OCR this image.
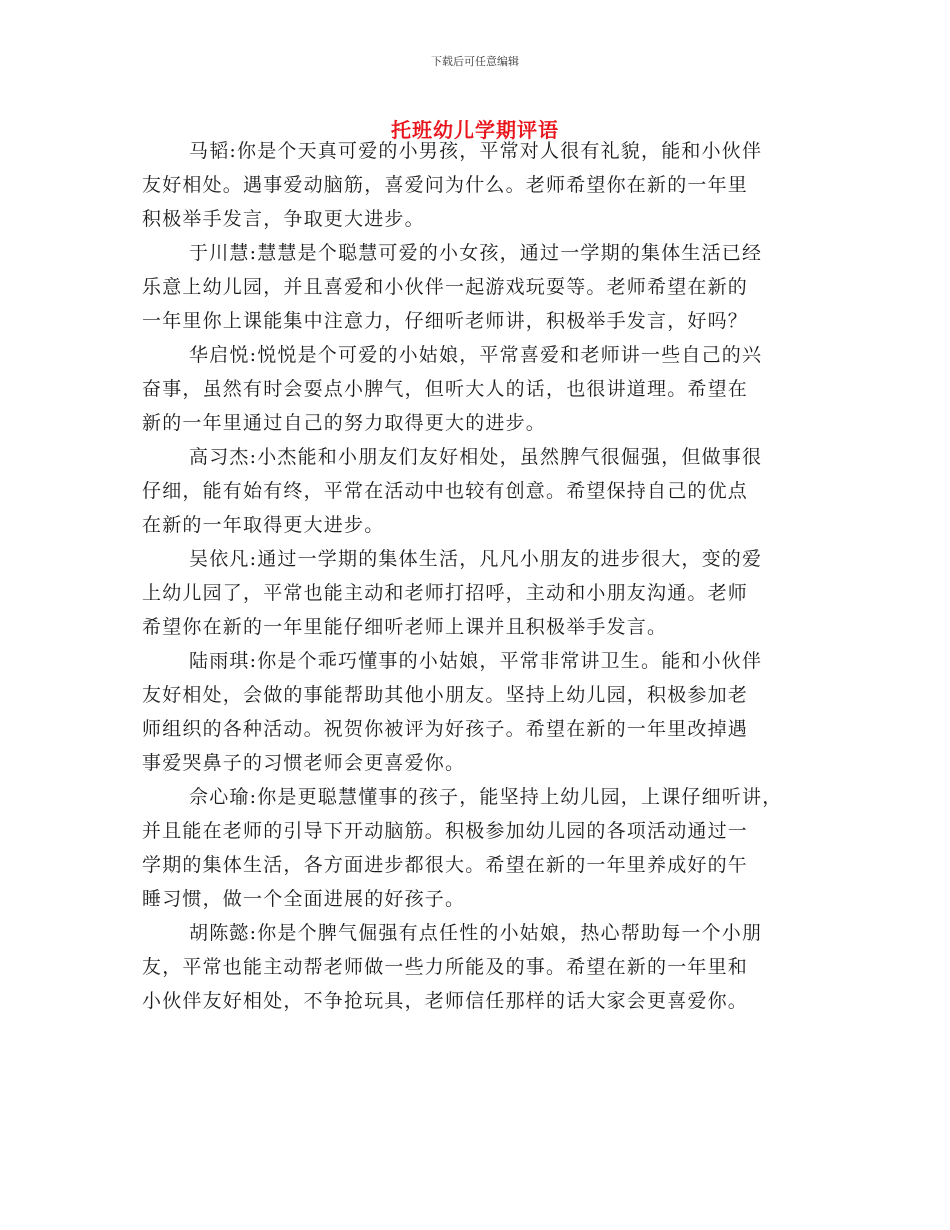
下载后可任意编辑
托班幼儿学期评语
马韬:你是个天真可爱的小男孩，平常对人很有礼貌，能和小伙伴
友好相处。遇事爱动脑筋，喜爱问为什么。老师希望你在新的一年里
积极举手发言，争取更大进步。
于川慧:慧慧是个聪慧可爱的小女孩，通过一学期的集体生活已经
乐意上幼儿园，并且喜爱和小伙伴一起游戏玩耍等。老师希望在新的
一年里你上课能集中注意力，仔细听老师讲，积极举手发言，好吗？
华启悦:悦悦是个可爱的小姑娘，平常喜爱和老师讲一些自己的兴
奋事，虽然有时会耍点小脾气，但听大人的话，也很讲道理。希望在
新的一年里通过自己的努力取得更大的进步。
高习杰:小杰能和小朋友们友好相处，虽然脾气很倔强，但做事很
仔细，能有始有终，平常在活动中也较有创意。希望保持自己的优点
在新的一年取得更大进步。
吴依凡:通过一学期的集体生活，凡凡小朋友的进步很大，变的爱
上幼儿园了，平常也能主动和老师打招呼，主动和小朋友沟通。老师
希望你在新的一年里能仔细听老师上课并且积极举手发言。
陆雨琪:你是个乖巧懂事的小姑娘，平常非常讲卫生。能和小伙伴
友好相处，会做的事能帮助其他小朋友。坚持上幼儿园，积极参加老
师组织的各种活动。祝贺你被评为好孩子。希望在新的一年里改掉遇
事爱哭鼻子的习惯老师会更喜爱你。
佘心瑜:你是更聪慧懂事的孩子，能坚持上幼儿园，上课仔细听讲，
并且能在老师的引导下开动脑筋。积极参加幼儿园的各项活动通过一
学期的集体生活，各方面进步都很大。希望在新的一年里养成好的午
睡习惯，做一个全面进展的好孩子。
胡陈懿:你是个脾气倔强有点任性的小姑娘，热心帮助每一个小朋
友，平常也能主动帮老师做一些力所能及的事。希望在新的一年里和
小伙伴友好相处，不争抢玩具，老师信任那样的话大家会更喜爱你。
